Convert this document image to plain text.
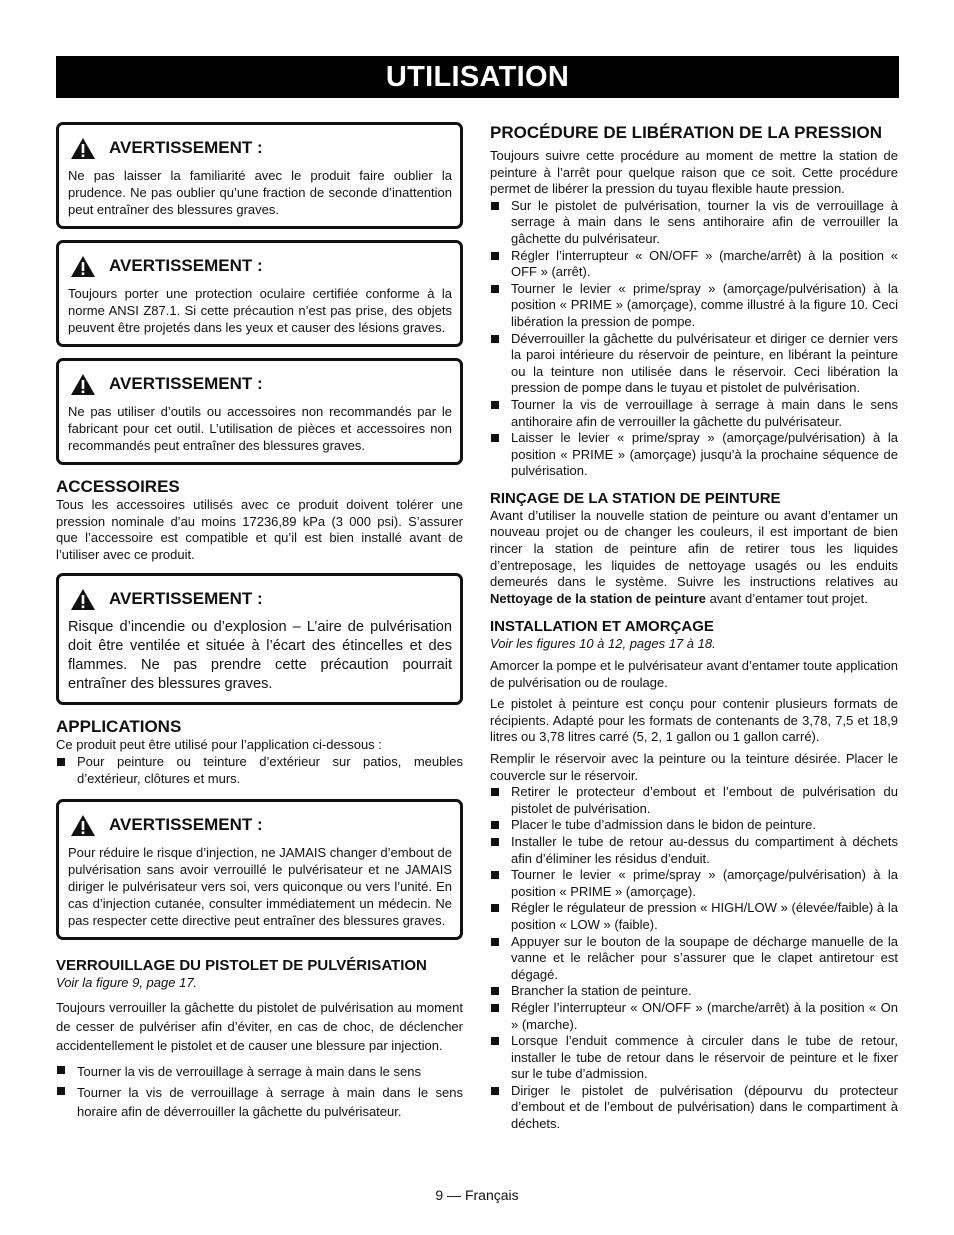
UTILISATION
AVERTISSEMENT :

Ne pas laisser la familiarité avec le produit faire oublier la prudence. Ne pas oublier qu’une fraction de seconde d’inattention peut entraîner des blessures graves.

AVERTISSEMENT :

Toujours porter une protection oculaire certifiée conforme à la norme ANSI Z87.1. Si cette précaution n’est pas prise, des objets peuvent être projetés dans les yeux et causer des lésions graves.

AVERTISSEMENT :

Ne pas utiliser d’outils ou accessoires non recommandés par le fabricant pour cet outil. L’utilisation de pièces et accessoires non recommandés peut entraîner des blessures graves.

ACCESSOIRES

Tous les accessoires utilisés avec ce produit doivent tolérer une pression nominale d’au moins 17236,89 kPa (3 000 psi). S’assurer que l’accessoire est compatible et qu’il est bien installé avant de l’utiliser avec ce produit.

AVERTISSEMENT :

Risque d’incendie ou d’explosion – L’aire de pulvérisation doit être ventilée et située à l’écart des étincelles et des flammes. Ne pas prendre cette précaution pourrait entraîner des blessures graves.

APPLICATIONS

Ce produit peut être utilisé pour l’application ci-dessous :

Pour peinture ou teinture d’extérieur sur patios, meubles d’extérieur, clôtures et murs.
AVERTISSEMENT :

Pour réduire le risque d’injection, ne JAMAIS changer d’embout de pulvérisation sans avoir verrouillé le pulvérisateur et ne JAMAIS diriger le pulvérisateur vers soi, vers quiconque ou vers l’unité. En cas d’injection cutanée, consulter immédiatement un médecin. Ne pas respecter cette directive peut entraîner des blessures graves.

VERROUILLAGE DU PISTOLET DE PULVÉRISATION

Voir la figure 9, page 17.

Toujours verrouiller la gâchette du pistolet de pulvérisation au moment de cesser de pulvériser afin d’éviter, en cas de choc, de déclencher accidentellement le pistolet et de causer une blessure par injection.

Tourner la vis de verrouillage à serrage à main dans le sens
Tourner la vis de verrouillage à serrage à main dans le sens horaire afin de déverrouiller la gâchette du pulvérisateur.
PROCÉDURE DE LIBÉRATION DE LA PRESSION

Toujours suivre cette procédure au moment de mettre la station de peinture à l’arrêt pour quelque raison que ce soit. Cette procédure permet de libérer la pression du tuyau flexible haute pression.

Sur le pistolet de pulvérisation, tourner la vis de verrouillage à serrage à main dans le sens antihoraire afin de verrouiller la gâchette du pulvérisateur.
Régler l’interrupteur « ON/OFF » (marche/arrêt) à la position « OFF » (arrêt).
Tourner le levier « prime/spray » (amorçage/pulvérisation) à la position « PRIME » (amorçage), comme illustré à la figure 10. Ceci libération la pression de pompe.
Déverrouiller la gâchette du pulvérisateur et diriger ce dernier vers la paroi intérieure du réservoir de peinture, en libérant la peinture ou la teinture non utilisée dans le réservoir. Ceci libération la pression de pompe dans le tuyau et pistolet de pulvérisation.
Tourner la vis de verrouillage à serrage à main dans le sens antihoraire afin de verrouiller la gâchette du pulvérisateur.
Laisser le levier « prime/spray » (amorçage/pulvérisation) à la position « PRIME » (amorçage) jusqu’à la prochaine séquence de pulvérisation.
RINÇAGE DE LA STATION DE PEINTURE

Avant d’utiliser la nouvelle station de peinture ou avant d’entamer un nouveau projet ou de changer les couleurs, il est important de bien rincer la station de peinture afin de retirer tous les liquides d’entreposage, les liquides de nettoyage usagés ou les enduits demeurés dans le système. Suivre les instructions relatives au Nettoyage de la station de peinture avant d’entamer tout projet.

INSTALLATION ET AMORÇAGE

Voir les figures 10 à 12, pages 17 à 18.

Amorcer la pompe et le pulvérisateur avant d’entamer toute application de pulvérisation ou de roulage.

Le pistolet à peinture est conçu pour contenir plusieurs formats de récipients. Adapté pour les formats de contenants de 3,78, 7,5 et 18,9 litres ou 3,78 litres carré (5, 2, 1 gallon ou 1 gallon carré).

Remplir le réservoir avec la peinture ou la teinture désirée. Placer le couvercle sur le réservoir.

Retirer le protecteur d’embout et l’embout de pulvérisation du pistolet de pulvérisation.
Placer le tube d’admission dans le bidon de peinture.
Installer le tube de retour au-dessus du compartiment à déchets afin d’éliminer les résidus d’enduit.
Tourner le levier « prime/spray » (amorçage/pulvérisation) à la position « PRIME » (amorçage).
Régler le régulateur de pression « HIGH/LOW » (élevée/faible) à la position « LOW » (faible).
Appuyer sur le bouton de la soupape de décharge manuelle de la vanne et le relâcher pour s’assurer que le clapet antiretour est dégagé.
Brancher la station de peinture.
Régler l’interrupteur « ON/OFF » (marche/arrêt) à la position « On » (marche).
Lorsque l’enduit commence à circuler dans le tube de retour, installer le tube de retour dans le réservoir de peinture et le fixer sur le tube d’admission.
Diriger le pistolet de pulvérisation (dépourvu du protecteur d’embout et de l’embout de pulvérisation) dans le compartiment à déchets.
9 — Français
